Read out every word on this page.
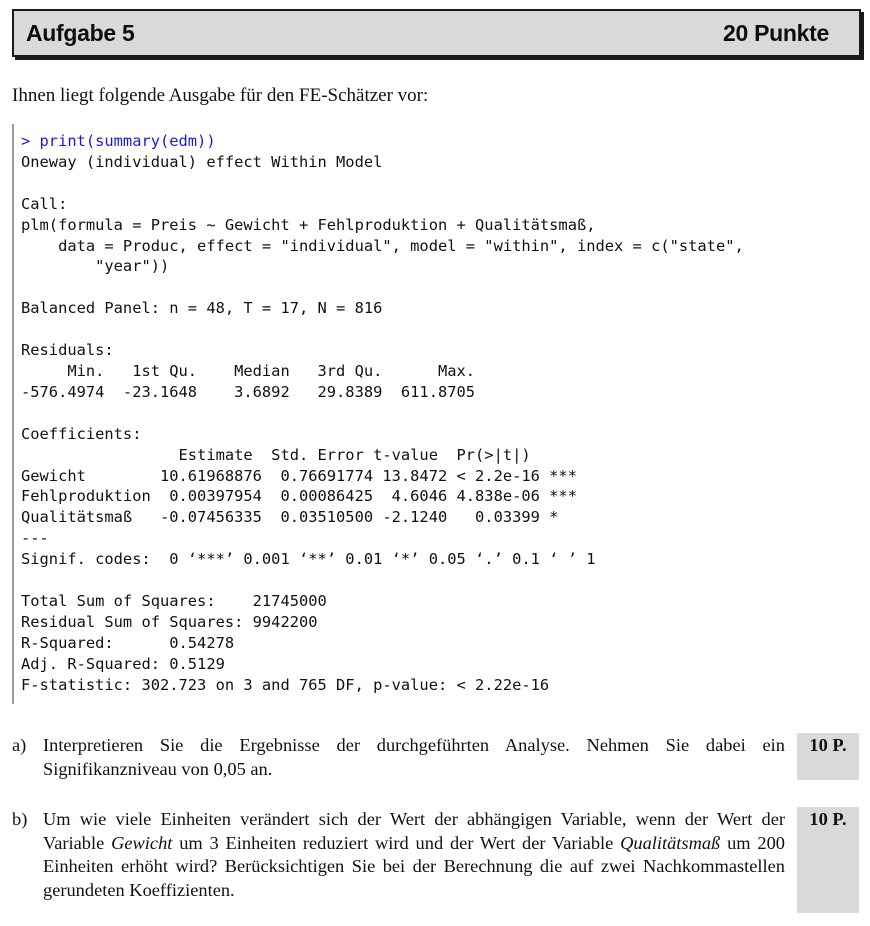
Aufgabe 5	20 Punkte
Ihnen liegt folgende Ausgabe für den FE-Schätzer vor:
> print(summary(edm))
Oneway (individual) effect Within Model

Call:
plm(formula = Preis ~ Gewicht + Fehlproduktion + Qualitätsmaß,
data = Produc, effect = "individual", model = "within", index = c("state",
"year"))

Balanced Panel: n = 48, T = 17, N = 816

Residuals:
Min.   1st Qu.    Median   3rd Qu.      Max.
-576.4974  -23.1648    3.6892   29.8389  611.8705

Coefficients:
Estimate  Std. Error t-value  Pr(>|t|)
Gewicht        10.61968876  0.76691774 13.8472 < 2.2e-16 ***
Fehlproduktion  0.00397954  0.00086425  4.6046 4.838e-06 ***
Qualitätsmaß   -0.07456335  0.03510500 -2.1240   0.03399 *
---
Signif. codes:  0 ‘***’ 0.001 ‘**’ 0.01 ‘*’ 0.05 ‘.’ 0.1 ‘ ’ 1

Total Sum of Squares:    21745000
Residual Sum of Squares: 9942200
R-Squared:      0.54278
Adj. R-Squared: 0.5129
F-statistic: 302.723 on 3 and 765 DF, p-value: < 2.22e-16
a) Interpretieren Sie die Ergebnisse der durchgeführten Analyse. Nehmen Sie dabei ein Signifikanzniveau von 0,05 an.
10 P.
b) Um wie viele Einheiten verändert sich der Wert der abhängigen Variable, wenn der Wert der Variable Gewicht um 3 Einheiten reduziert wird und der Wert der Variable Qualitätsmaß um 200 Einheiten erhöht wird? Berücksichtigen Sie bei der Berechnung die auf zwei Nachkommastellen gerundeten Koeffizienten.
10 P.
